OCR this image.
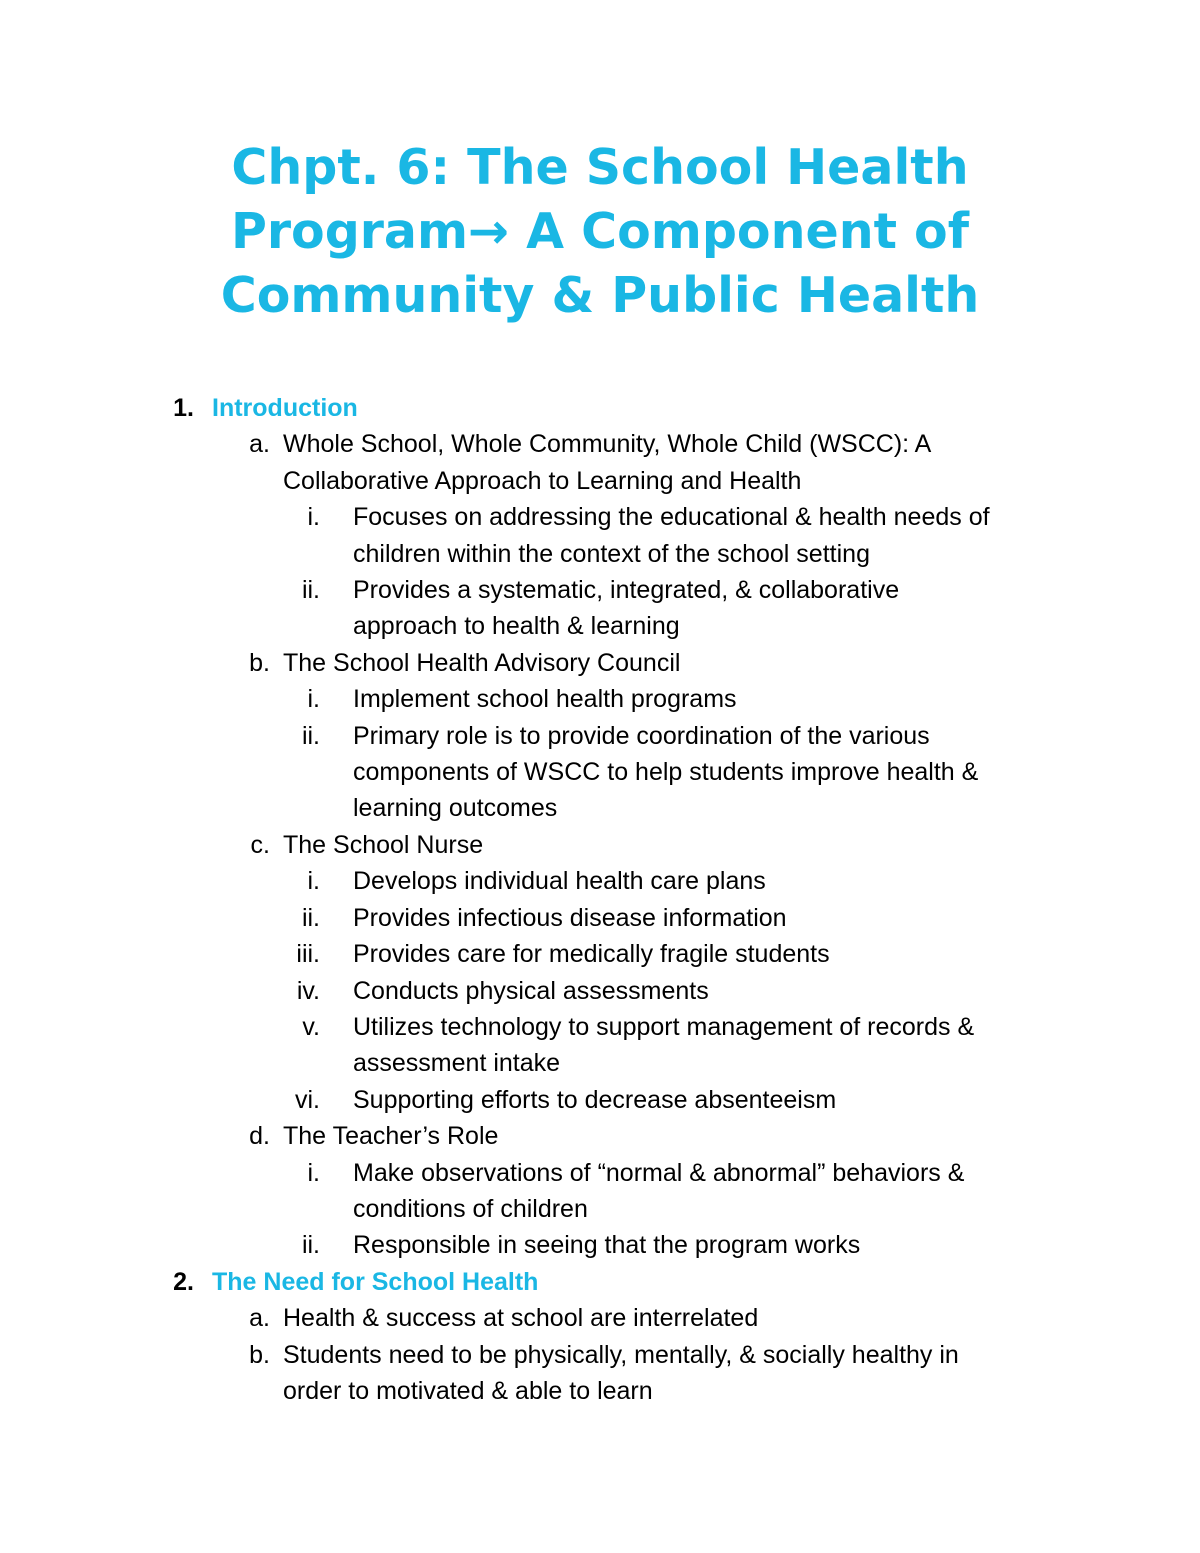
Chpt. 6: The School Health
Program→ A Component of
Community & Public Health
1. Introduction
a. Whole School, Whole Community, Whole Child (WSCC): A
Collaborative Approach to Learning and Health
i. Focuses on addressing the educational & health needs of
children within the context of the school setting
ii. Provides a systematic, integrated, & collaborative
approach to health & learning
b. The School Health Advisory Council
i. Implement school health programs
ii. Primary role is to provide coordination of the various
components of WSCC to help students improve health &
learning outcomes
c. The School Nurse
i. Develops individual health care plans
ii. Provides infectious disease information
iii. Provides care for medically fragile students
iv. Conducts physical assessments
v. Utilizes technology to support management of records &
assessment intake
vi. Supporting efforts to decrease absenteeism
d. The Teacher’s Role
i. Make observations of “normal & abnormal” behaviors &
conditions of children
ii. Responsible in seeing that the program works
2. The Need for School Health
a. Health & success at school are interrelated
b. Students need to be physically, mentally, & socially healthy in
order to motivated & able to learn
